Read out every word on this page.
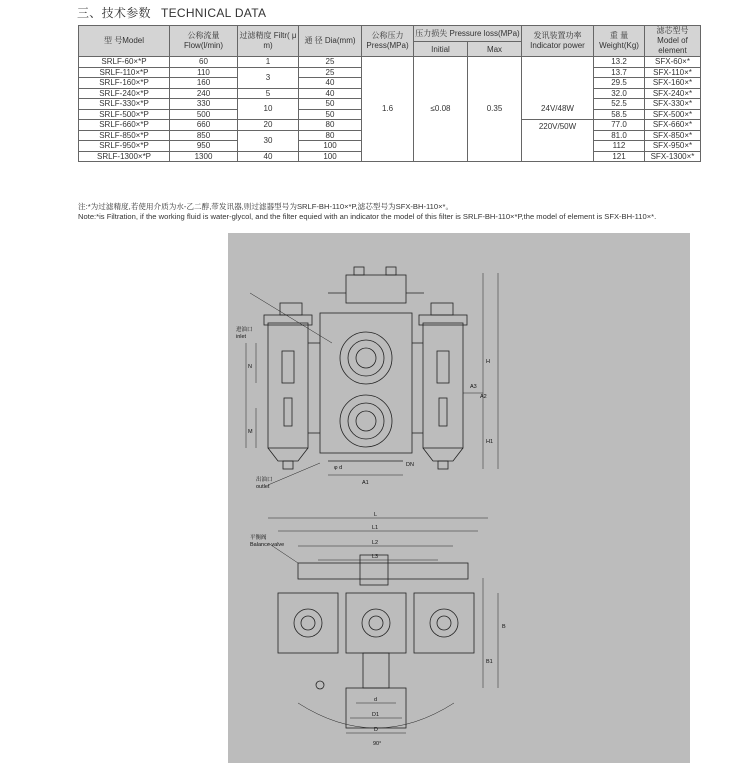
三、技术参数 TECHNICAL DATA
型 号Model	公称流量 Flow(l/min)	过滤精度 Filtr( μ m)	通 径 Dia(mm)	公称压力 Press(MPa)	压力损失 Pressure loss(MPa)		发讯装置功率 Indicator power	重 量 Weight(Kg)	滤芯型号 Model of element

					Initial	Max			
SRLF-60×*P	60	1	25	1.6	≤0.08	0.35	24V/48W	13.2	SFX-60×*
SRLF-110×*P	110	3	25					13.7	SFX-110×*
SRLF-160×*P	160		40					29.5	SFX-160×*
SRLF-240×*P	240	5	40					32.0	SFX-240×*
SRLF-330×*P	330	10	50					52.5	SFX-330×*
SRLF-500×*P	500		50					58.5	SFX-500×*
SRLF-660×*P	660	20	80				220V/50W	77.0	SFX-660×*
SRLF-850×*P	850	30	80					81.0	SFX-850×*
SRLF-950×*P	950		100					112	SFX-950×*
SRLF-1300×*P	1300	40	100					121	SFX-1300×*
注:*为过滤精度,若使用介质为水-乙二醇,带发讯器,则过滤器型号为SRLF-BH-110×*P,滤芯型号为SFX-BH-110×*。
Note:*is Filtration, if the working fluid is water-glycol, and the filter equied with an indicator the model of this filter is SRLF-BH-110×*P,the model of element is SFX-BH-110×*.
进油口
inlet
出油口
outlet
H
A3
A2
A1
H1
N
M
DN
φ d
平衡阀
Balance valve
L
L1
L2
L3
B
B1
d
D1
D
90°
